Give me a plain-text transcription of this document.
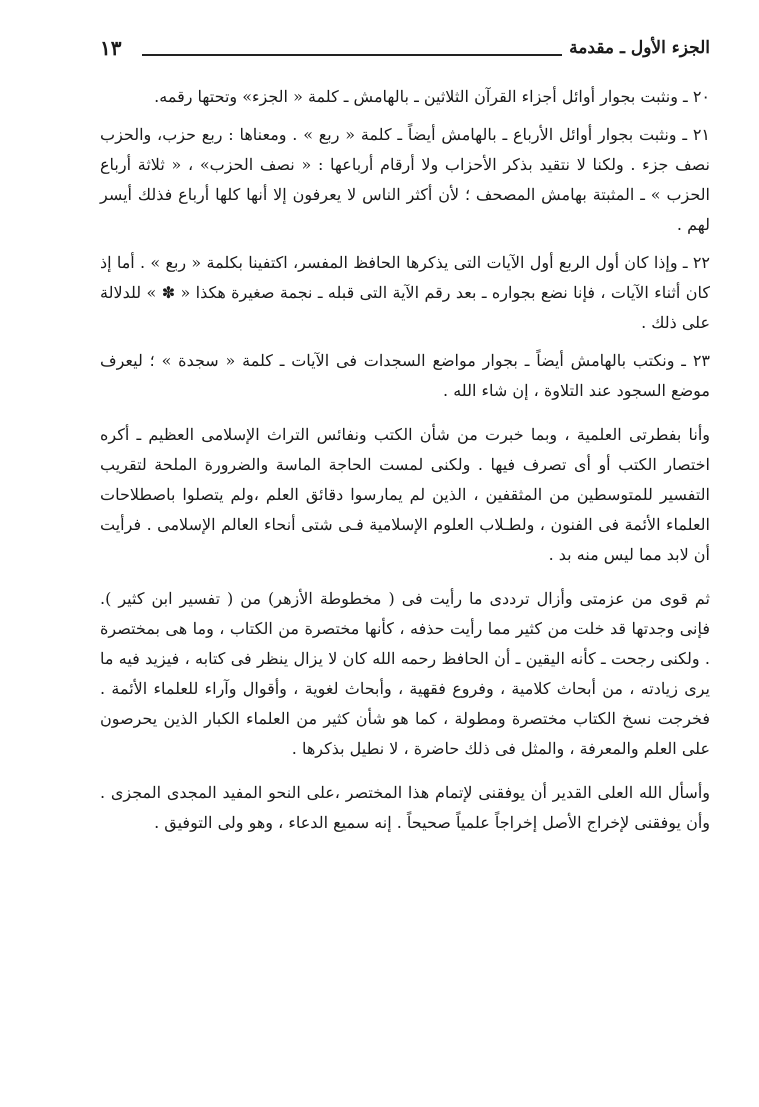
الجزء الأول ـ مقدمة
١٣

٢٠ ـ ونثبت بجوار أوائل أجزاء القرآن الثلاثين ـ بالهامش ـ كلمة « الجزء» وتحتها رقمه.

٢١ ـ ونثبت بجوار أوائل الأرباع ـ بالهامش أيضاً ـ كلمة « ربع » . ومعناها : ربع حزب، والحزب نصف جزء . ولكنا لا نتقيد بذكر الأحزاب ولا أرقام أرباعها : « نصف الحزب» ، « ثلاثة أرباع الحزب » ـ المثبتة بهامش المصحف ؛ لأن أكثر الناس لا يعرفون إلا أنها كلها أرباع فذلك أيسر لهم .

٢٢ ـ وإذا كان أول الربع أول الآيات التى يذكرها الحافظ المفسر، اكتفينا بكلمة « ربع » . أما إذ كان أثناء الآيات ، فإنا نضع بجواره ـ بعد رقم الآية التى قبله ـ نجمة صغيرة هكذا « ✽ » للدلالة على ذلك .

٢٣ ـ ونكتب بالهامش أيضاً ـ بجوار مواضع السجدات فى الآيات ـ كلمة « سجدة » ؛ ليعرف موضع السجود عند التلاوة ، إن شاء الله .

وأنا بفطرتى العلمية ، وبما خبرت من شأن الكتب ونفائس التراث الإسلامى العظيم ـ أكره اختصار الكتب أو أى تصرف فيها . ولكنى لمست الحاجة الماسة والضرورة الملحة لتقريب التفسير للمتوسطين من المثقفين ، الذين لم يمارسوا دقائق العلم ،ولم يتصلوا باصطلاحات العلماء الأئمة فى الفنون ، ولطـلاب العلوم الإسلامية فـى شتى أنحاء العالم الإسلامى . فرأيت أن لابد مما ليس منه بد .

ثم قوى من عزمتى وأزال ترددى ما رأيت فى ( مخطوطة الأزهر) من ( تفسير ابن كثير ). فإنى وجدتها قد خلت من كثير مما رأيت حذفه ، كأنها مختصرة من الكتاب ، وما هى بمختصرة . ولكنى رجحت ـ كأنه اليقين ـ أن الحافظ رحمه الله كان لا يزال ينظر فى كتابه ، فيزيد فيه ما يرى زيادته ، من أبحاث كلامية ، وفروع فقهية ، وأبحاث لغوية ، وأقوال وآراء للعلماء الأئمة . فخرجت نسخ الكتاب مختصرة ومطولة ، كما هو شأن كثير من العلماء الكبار الذين يحرصون على العلم والمعرفة ، والمثل فى ذلك حاضرة ، لا نطيل بذكرها .

وأسأل الله العلى القدير أن يوفقنى لإتمام هذا المختصر ،على النحو المفيد المجدى المجزى . وأن يوفقنى لإخراج الأصل إخراجاً علمياً صحيحاً . إنه سميع الدعاء ، وهو ولى التوفيق .
